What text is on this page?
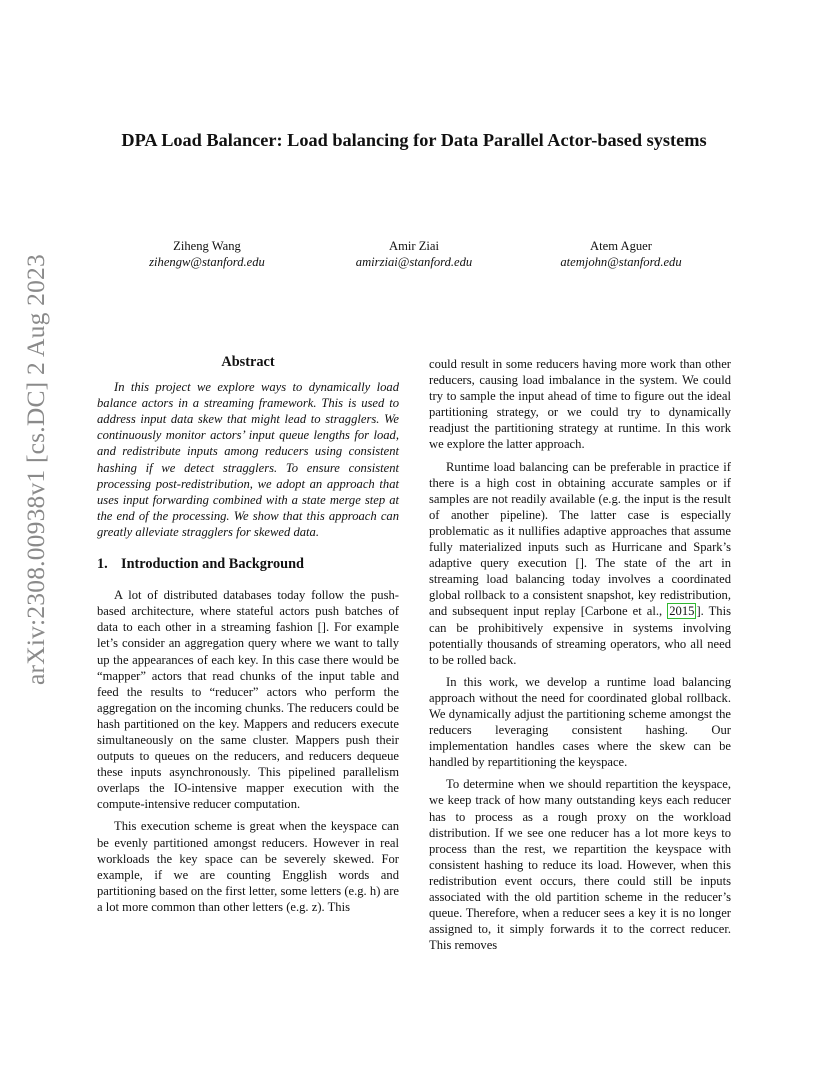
arXiv:2308.00938v1 [cs.DC] 2 Aug 2023
DPA Load Balancer: Load balancing for Data Parallel Actor-based systems
Ziheng Wang
zihengw@stanford.edu
Amir Ziai
amirziai@stanford.edu
Atem Aguer
atemjohn@stanford.edu
Abstract

In this project we explore ways to dynamically load balance actors in a streaming framework. This is used to address input data skew that might lead to stragglers. We continuously monitor actors’ input queue lengths for load, and redistribute inputs among reducers using consistent hashing if we detect stragglers. To ensure consistent processing post-redistribution, we adopt an approach that uses input forwarding combined with a state merge step at the end of the processing. We show that this approach can greatly alleviate stragglers for skewed data.

1. Introduction and Background

A lot of distributed databases today follow the push-based architecture, where stateful actors push batches of data to each other in a streaming fashion []. For example let’s consider an aggregation query where we want to tally up the appearances of each key. In this case there would be “mapper” actors that read chunks of the input table and feed the results to “reducer” actors who perform the aggregation on the incoming chunks. The reducers could be hash partitioned on the key. Mappers and reducers execute simultaneously on the same cluster. Mappers push their outputs to queues on the reducers, and reducers dequeue these inputs asynchronously. This pipelined parallelism overlaps the IO-intensive mapper execution with the compute-intensive reducer computation.

This execution scheme is great when the keyspace can be evenly partitioned amongst reducers. However in real workloads the key space can be severely skewed. For example, if we are counting Engglish words and partitioning based on the first letter, some letters (e.g. h) are a lot more common than other letters (e.g. z). This

could result in some reducers having more work than other reducers, causing load imbalance in the system. We could try to sample the input ahead of time to figure out the ideal partitioning strategy, or we could try to dynamically readjust the partitioning strategy at runtime. In this work we explore the latter approach.

Runtime load balancing can be preferable in practice if there is a high cost in obtaining accurate samples or if samples are not readily available (e.g. the input is the result of another pipeline). The latter case is especially problematic as it nullifies adaptive approaches that assume fully materialized inputs such as Hurricane and Spark’s adaptive query execution []. The state of the art in streaming load balancing today involves a coordinated global rollback to a consistent snapshot, key redistribution, and subsequent input replay [Carbone et al., 2015 ]. This can be prohibitively expensive in systems involving potentially thousands of streaming operators, who all need to be rolled back.

In this work, we develop a runtime load balancing approach without the need for coordinated global rollback. We dynamically adjust the partitioning scheme amongst the reducers leveraging consistent hashing. Our implementation handles cases where the skew can be handled by repartitioning the keyspace.

To determine when we should repartition the keyspace, we keep track of how many outstanding keys each reducer has to process as a rough proxy on the workload distribution. If we see one reducer has a lot more keys to process than the rest, we repartition the keyspace with consistent hashing to reduce its load. However, when this redistribution event occurs, there could still be inputs associated with the old partition scheme in the reducer’s queue. Therefore, when a reducer sees a key it is no longer assigned to, it simply forwards it to the correct reducer. This removes
